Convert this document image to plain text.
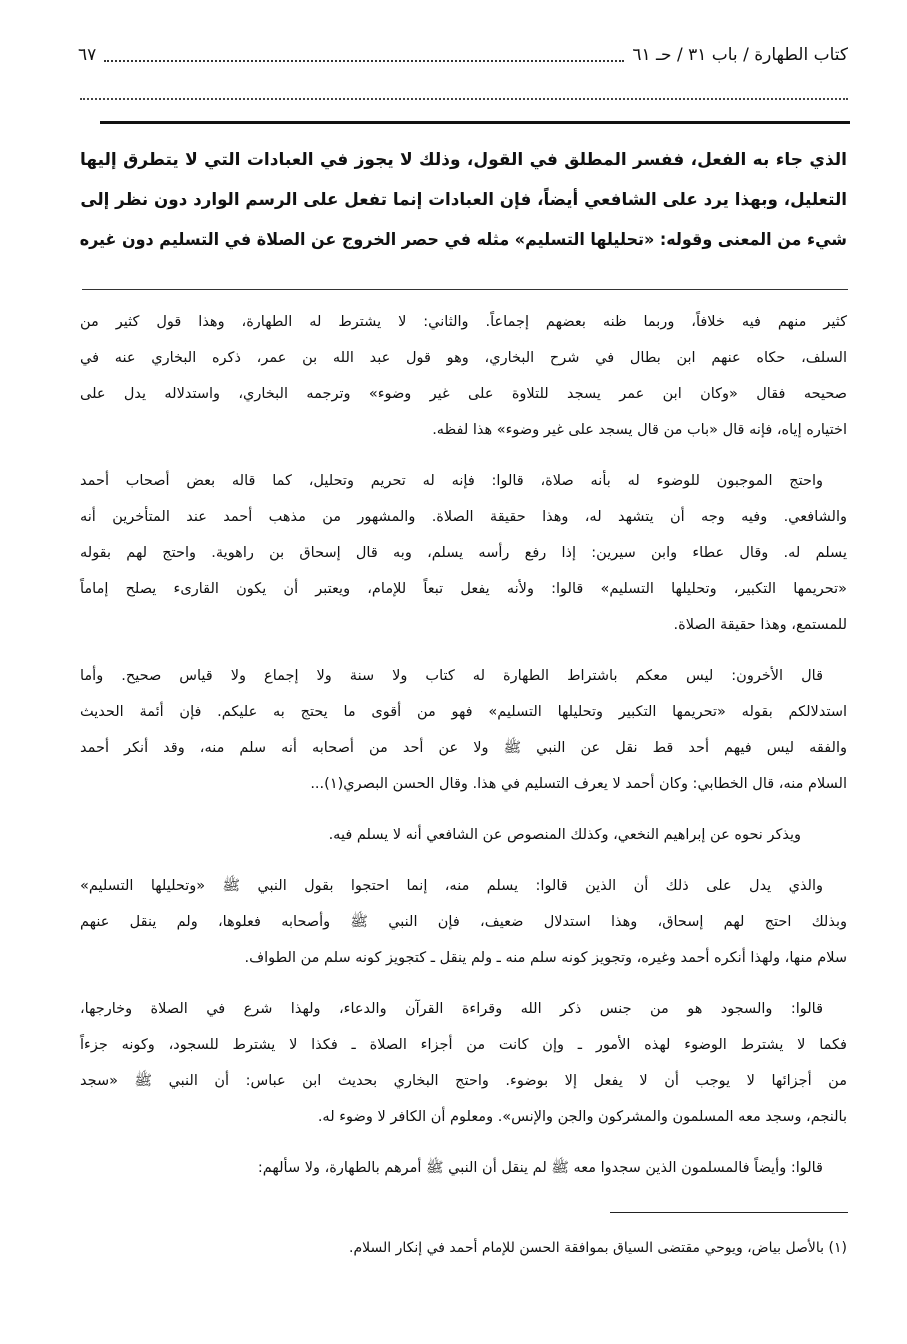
كتاب الطهارة / باب ٣١ / حـ ٦١
٦٧
الذي جاء به الفعل، ففسر المطلق في القول، وذلك لا يجوز في العبادات التي لا يتطرق إليها
التعليل، وبهذا يرد على الشافعي أيضاً، فإن العبادات إنما تفعل على الرسم الوارد دون نظر إلى
شيء من المعنى وقوله: «تحليلها التسليم» مثله في حصر الخروج عن الصلاة في التسليم دون غيره
كثير منهم فيه خلافاً، وربما ظنه بعضهم إجماعاً. والثاني: لا يشترط له الطهارة، وهذا قول كثير من
السلف، حكاه عنهم ابن بطال في شرح البخاري، وهو قول عبد الله بن عمر، ذكره البخاري عنه في
صحيحه فقال «وكان ابن عمر يسجد للتلاوة على غير وضوء» وترجمه البخاري، واستدلاله يدل على
اختياره إياه، فإنه قال «باب من قال يسجد على غير وضوء» هذا لفظه.
واحتج الموجبون للوضوء له بأنه صلاة، قالوا: فإنه له تحريم وتحليل، كما قاله بعض أصحاب أحمد
والشافعي. وفيه وجه أن يتشهد له، وهذا حقيقة الصلاة. والمشهور من مذهب أحمد عند المتأخرين أنه
يسلم له. وقال عطاء وابن سيرين: إذا رفع رأسه يسلم، وبه قال إسحاق بن راهوية. واحتج لهم بقوله
«تحريمها التكبير، وتحليلها التسليم» قالوا: ولأنه يفعل تبعاً للإمام، ويعتبر أن يكون القارىء يصلح إماماً
للمستمع، وهذا حقيقة الصلاة.
قال الأخرون: ليس معكم باشتراط الطهارة له كتاب ولا سنة ولا إجماع ولا قياس صحيح. وأما
استدلالكم بقوله «تحريمها التكبير وتحليلها التسليم» فهو من أقوى ما يحتج به عليكم. فإن أئمة الحديث
والفقه ليس فيهم أحد قط نقل عن النبي ﷺ ولا عن أحد من أصحابه أنه سلم منه، وقد أنكر أحمد
السلام منه، قال الخطابي: وكان أحمد لا يعرف التسليم في هذا. وقال الحسن البصري(١)...
ويذكر نحوه عن إبراهيم النخعي، وكذلك المنصوص عن الشافعي أنه لا يسلم فيه.
والذي يدل على ذلك أن الذين قالوا: يسلم منه، إنما احتجوا بقول النبي ﷺ «وتحليلها التسليم»
وبذلك احتج لهم إسحاق، وهذا استدلال ضعيف، فإن النبي ﷺ وأصحابه فعلوها، ولم ينقل عنهم
سلام منها، ولهذا أنكره أحمد وغيره، وتجويز كونه سلم منه ـ ولم ينقل ـ كتجويز كونه سلم من الطواف.
قالوا: والسجود هو من جنس ذكر الله وقراءة القرآن والدعاء، ولهذا شرع في الصلاة وخارجها،
فكما لا يشترط الوضوء لهذه الأمور ـ وإن كانت من أجزاء الصلاة ـ فكذا لا يشترط للسجود، وكونه جزءاً
من أجزائها لا يوجب أن لا يفعل إلا بوضوء. واحتج البخاري بحديث ابن عباس: أن النبي ﷺ «سجد
بالنجم، وسجد معه المسلمون والمشركون والجن والإنس». ومعلوم أن الكافر لا وضوء له.
قالوا: وأيضاً فالمسلمون الذين سجدوا معه ﷺ لم ينقل أن النبي ﷺ أمرهم بالطهارة، ولا سألهم:
(١) بالأصل بياض، ويوحي مقتضى السياق بموافقة الحسن للإمام أحمد في إنكار السلام.
